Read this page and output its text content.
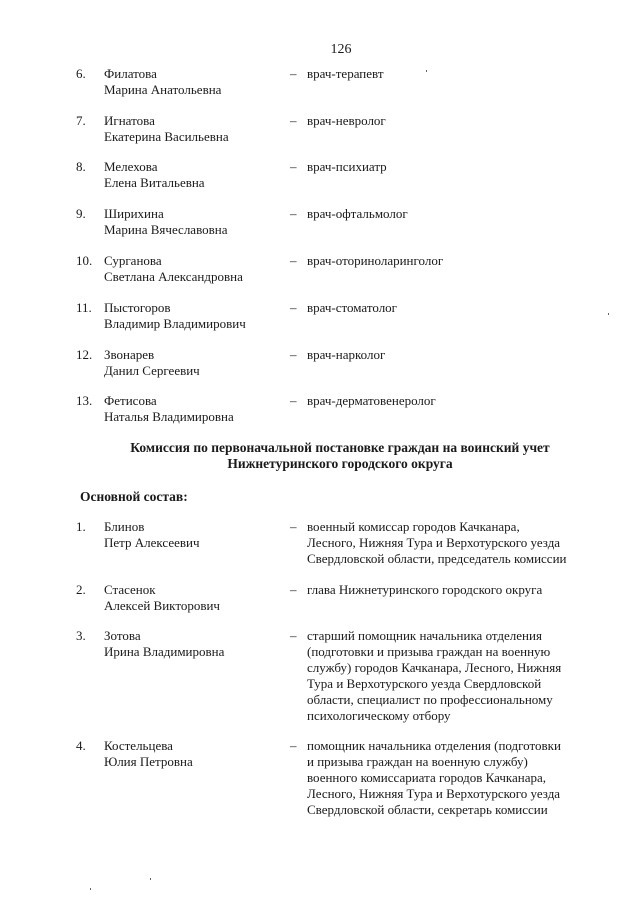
126
6. Филатова
Марина Анатольевна
– врач-терапевт
7. Игнатова
Екатерина Васильевна
– врач-невролог
8. Мелехова
Елена Витальевна
– врач-психиатр
9. Ширихина
Марина Вячеславовна
– врач-офтальмолог
10. Сурганова
Светлана Александровна
– врач-оториноларинголог
11. Пыстогоров
Владимир Владимирович
– врач-стоматолог
12. Звонарев
Данил Сергеевич
– врач-нарколог
13. Фетисова
Наталья Владимировна
– врач-дерматовенеролог
Комиссия по первоначальной постановке граждан на воинский учет
Нижнетуринского городского округа
Основной состав:
1. Блинов
Петр Алексеевич
– военный комиссар городов Качканара,
Лесного, Нижняя Тура и Верхотурского уезда
Свердловской области, председатель комиссии
2. Стасенок
Алексей Викторович
– глава Нижнетуринского городского округа
3. Зотова
Ирина Владимировна
– старший помощник начальника отделения
(подготовки и призыва граждан на военную
службу) городов Качканара, Лесного, Нижняя
Тура и Верхотурского уезда Свердловской
области, специалист по профессиональному
психологическому отбору
4. Костельцева
Юлия Петровна
– помощник начальника отделения (подготовки
и призыва граждан на военную службу)
военного комиссариата городов Качканара,
Лесного, Нижняя Тура и Верхотурского уезда
Свердловской области, секретарь комиссии
